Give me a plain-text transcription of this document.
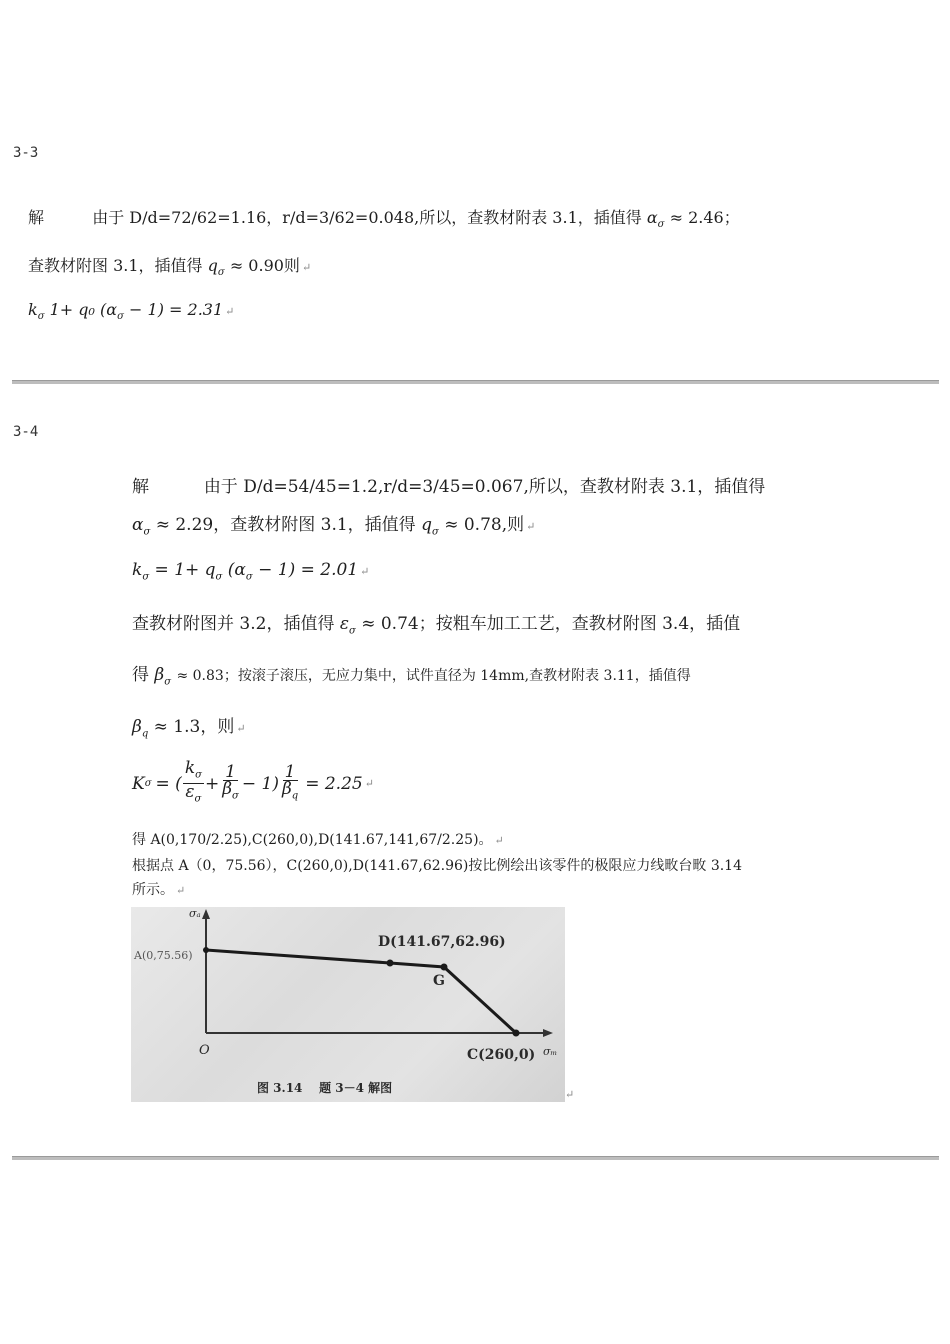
3-3
解	由于 D/d=72/62=1.16，r/d=3/62=0.048,所以，查教材附表 3.1，插值得 $\alpha_\sigma \approx 2.46$；
查教材附图 3.1，插值得 $q_\sigma \approx 0.90$则 ↵
$k_\sigma$ 1+ q₀ $(\alpha_\sigma - 1) = 2.31$ ↵
3-4
解	由于 D/d=54/45=1.2,r/d=3/45=0.067,所以，查教材附表 3.1，插值得
$\alpha_\sigma \approx 2.29$，查教材附图 3.1，插值得 $q_\sigma \approx 0.78$,则 ↵
$k_\sigma = 1+ q_\sigma$ $(\alpha_\sigma - 1) = 2.01$ ↵
查教材附图并 3.2，插值得 $\varepsilon_\sigma \approx 0.74$；按粗车加工工艺，查教材附图 3.4，插值
得 $\beta_\sigma \approx 0.83$；按滚子滚压，无应力集中，试件直径为 14mm,查教材附表 3.11，插值得
$\beta_q \approx 1.3$，则 ↵
K σ = ( $\frac{k_\sigma}{\varepsilon_\sigma} + \frac{1}{\beta_\sigma} - 1) \frac{1}{\beta_q} = 2.25$ ↵
得 A(0,170/2.25),C(260,0),D(141.67,141,67/2.25)。 ↵
根据点 A（0，75.56），C(260,0),D(141.67,62.96)按比例绘出该零件的极限应力线畋台畋 3.14
所示。 ↵
σₐ
σₘ
O
A(0,75.56)
D(141.67,62.96)
G
C(260,0)
图 3.14    题 3－4 解图	↵
